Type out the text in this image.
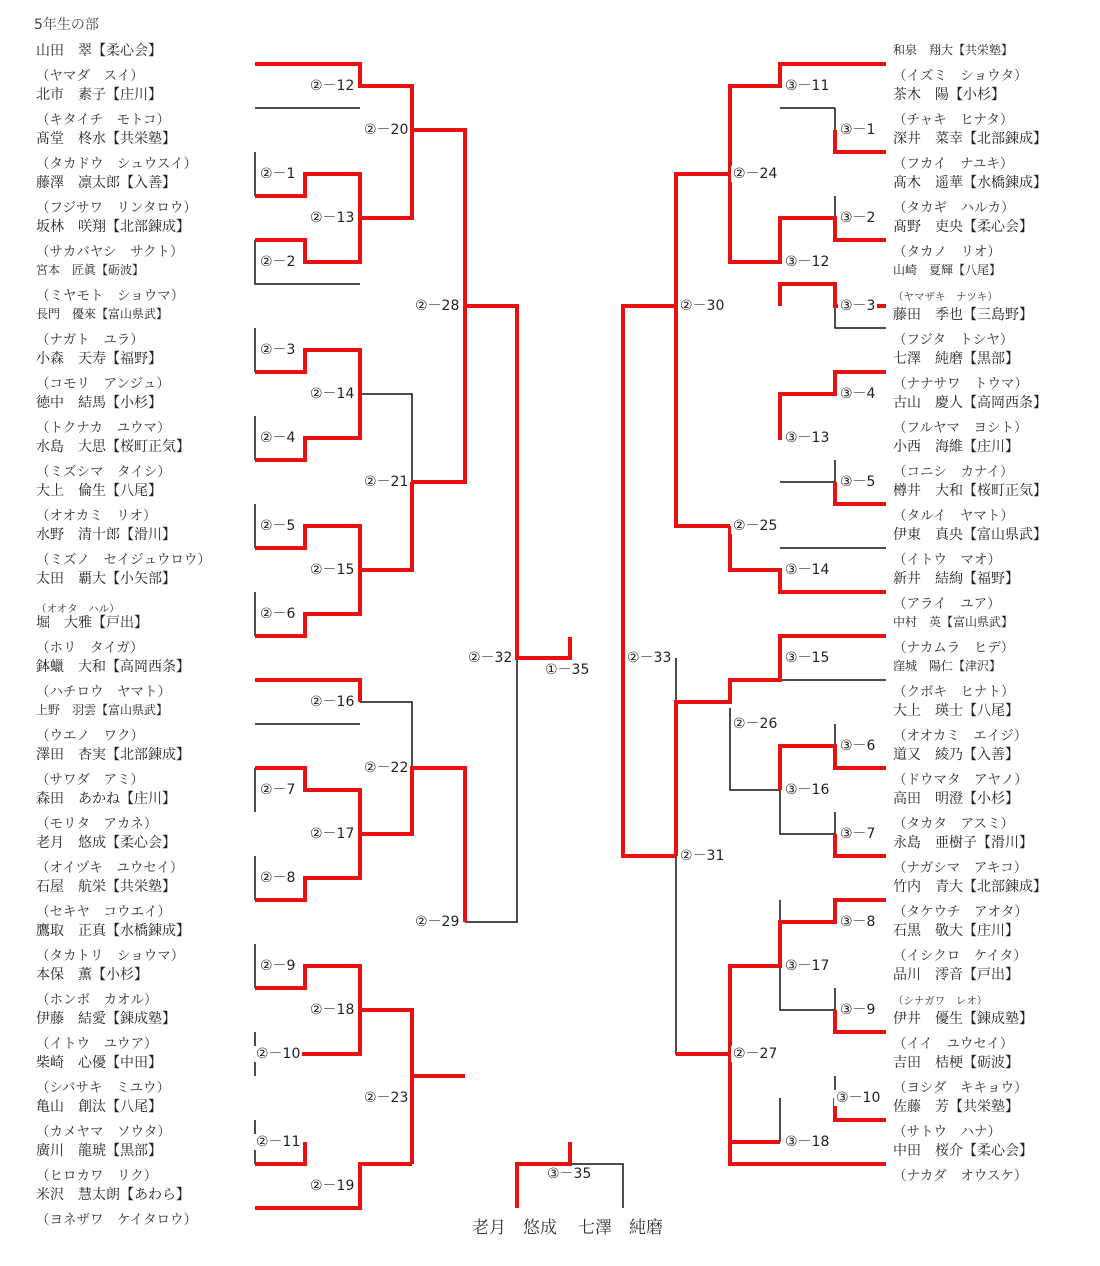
5年生の部
山田　翠【柔心会】
（ヤマダ　スイ）
北市　素子【庄川】
（キタイチ　モトコ）
髙堂　柊水【共栄塾】
（タカドウ　シュウスイ）
藤澤　凛太郎【入善】
（フジサワ　リンタロウ）
坂林　咲翔【北部錬成】
（サカバヤシ　サクト）
宮本　匠眞【砺波】
（ミヤモト　ショウマ）
長門　優來【富山県武】
（ナガト　ユラ）
小森　天寿【福野】
（コモリ　アンジュ）
徳中　結馬【小杉】
（トクナカ　ユウマ）
水島　大思【桜町正気】
（ミズシマ　タイシ）
大上　倫生【八尾】
（オオカミ　リオ）
水野　清十郎【滑川】
（ミズノ　セイジュウロウ）
太田　覇大【小矢部】
（オオタ　ハル）
堀　大雅【戸出】
（ホリ　タイガ）
鉢蠟　大和【高岡西条】
（ハチロウ　ヤマト）
上野　羽雲【富山県武】
（ウエノ　ワク）
澤田　杏実【北部錬成】
（サワダ　アミ）
森田　あかね【庄川】
（モリタ　アカネ）
老月　悠成【柔心会】
（オイヅキ　ユウセイ）
石屋　航栄【共栄塾】
（セキヤ　コウエイ）
鷹取　正真【水橋錬成】
（タカトリ　ショウマ）
本保　薫【小杉】
（ホンボ　カオル）
伊藤　結愛【錬成塾】
（イトウ　ユウア）
柴崎　心優【中田】
（シバサキ　ミユウ）
亀山　創汰【八尾】
（カメヤマ　ソウタ）
廣川　龍琥【黒部】
（ヒロカワ　リク）
米沢　慧太朗【あわら】
（ヨネザワ　ケイタロウ）
和泉　翔大【共栄塾】
（イズミ　ショウタ）
茶木　陽【小杉】
（チャキ　ヒナタ）
深井　菜幸【北部錬成】
（フカイ　ナユキ）
髙木　遥華【水橋錬成】
（タカギ　ハルカ）
髙野　吏央【柔心会】
（タカノ　リオ）
山崎　夏輝【八尾】
（ヤマザキ　ナツキ）
藤田　季也【三島野】
（フジタ　トシヤ）
七澤　純磨【黒部】
（ナナサワ　トウマ）
古山　慶人【高岡西条】
（フルヤマ　ヨシト）
小西　海維【庄川】
（コニシ　カナイ）
樽井　大和【桜町正気】
（タルイ　ヤマト）
伊東　真央【富山県武】
（イトウ　マオ）
新井　結絢【福野】
（アライ　ユア）
中村　英【富山県武】
（ナカムラ　ヒデ）
窪城　陽仁【津沢】
（クボキ　ヒナト）
大上　瑛士【八尾】
（オオカミ　エイジ）
道又　綾乃【入善】
（ドウマタ　アヤノ）
高田　明澄【小杉】
（タカタ　アスミ）
永島　亜樹子【滑川】
（ナガシマ　アキコ）
竹内　青大【北部錬成】
（タケウチ　アオタ）
石黒　敬大【庄川】
（イシクロ　ケイタ）
品川　澪音【戸出】
（シナガワ　レオ）
伊井　優生【錬成塾】
（イイ　ユウセイ）
吉田　桔梗【砺波】
（ヨシダ　キキョウ）
佐藤　芳【共栄塾】
（サトウ　ハナ）
中田　桜介【柔心会】
（ナカダ　オウスケ）
②－12
②－20
②－1
②－13
②－2
②－28
②－3
②－14
②－4
②－21
②－5
②－15
②－6
②－32
②－16
②－22
②－7
②－17
②－8
②－29
②－9
②－18
②－10
②－23
②－11
②－19
③－11
③－1
②－24
③－2
③－12
③－3
②－30
③－4
③－13
③－5
②－25
③－14
②－33	③－15
②－26
③－6
③－16
③－7
②－31
③－8
③－17
③－9
②－27
③－10
③－18
①－35
③－35
老月　悠成 七澤　純磨
